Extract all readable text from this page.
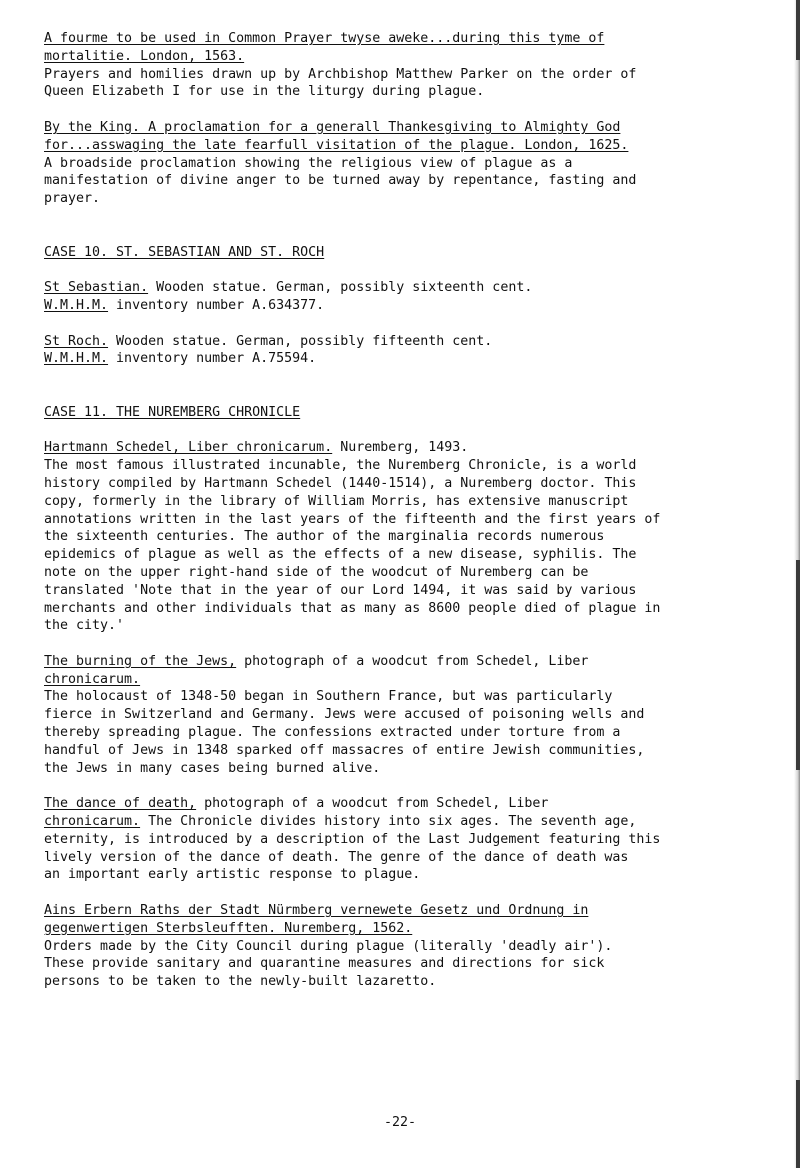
A fourme to be used in Common Prayer twyse aweke...during this tyme of
mortalitie. London, 1563.
Prayers and homilies drawn up by Archbishop Matthew Parker on the order of
Queen Elizabeth I for use in the liturgy during plague.
By the King. A proclamation for a generall Thankesgiving to Almighty God
for...asswaging the late fearfull visitation of the plague. London, 1625.
A broadside proclamation showing the religious view of plague as a
manifestation of divine anger to be turned away by repentance, fasting and
prayer.
CASE 10. ST. SEBASTIAN AND ST. ROCH
St Sebastian. Wooden statue. German, possibly sixteenth cent.
W.M.H.M. inventory number A.634377.
St Roch. Wooden statue. German, possibly fifteenth cent.
W.M.H.M. inventory number A.75594.
CASE 11. THE NUREMBERG CHRONICLE
Hartmann Schedel, Liber chronicarum. Nuremberg, 1493.
The most famous illustrated incunable, the Nuremberg Chronicle, is a world
history compiled by Hartmann Schedel (1440-1514), a Nuremberg doctor. This
copy, formerly in the library of William Morris, has extensive manuscript
annotations written in the last years of the fifteenth and the first years of
the sixteenth centuries. The author of the marginalia records numerous
epidemics of plague as well as the effects of a new disease, syphilis. The
note on the upper right-hand side of the woodcut of Nuremberg can be
translated 'Note that in the year of our Lord 1494, it was said by various
merchants and other individuals that as many as 8600 people died of plague in
the city.'
The burning of the Jews, photograph of a woodcut from Schedel, Liber
chronicarum.
The holocaust of 1348-50 began in Southern France, but was particularly
fierce in Switzerland and Germany. Jews were accused of poisoning wells and
thereby spreading plague. The confessions extracted under torture from a
handful of Jews in 1348 sparked off massacres of entire Jewish communities,
the Jews in many cases being burned alive.
The dance of death, photograph of a woodcut from Schedel, Liber
chronicarum. The Chronicle divides history into six ages. The seventh age,
eternity, is introduced by a description of the Last Judgement featuring this
lively version of the dance of death. The genre of the dance of death was
an important early artistic response to plague.
Ains Erbern Raths der Stadt Nürmberg vernewete Gesetz und Ordnung in
gegenwertigen Sterbsleufften. Nuremberg, 1562.
Orders made by the City Council during plague (literally 'deadly air').
These provide sanitary and quarantine measures and directions for sick
persons to be taken to the newly-built lazaretto.
-22-
